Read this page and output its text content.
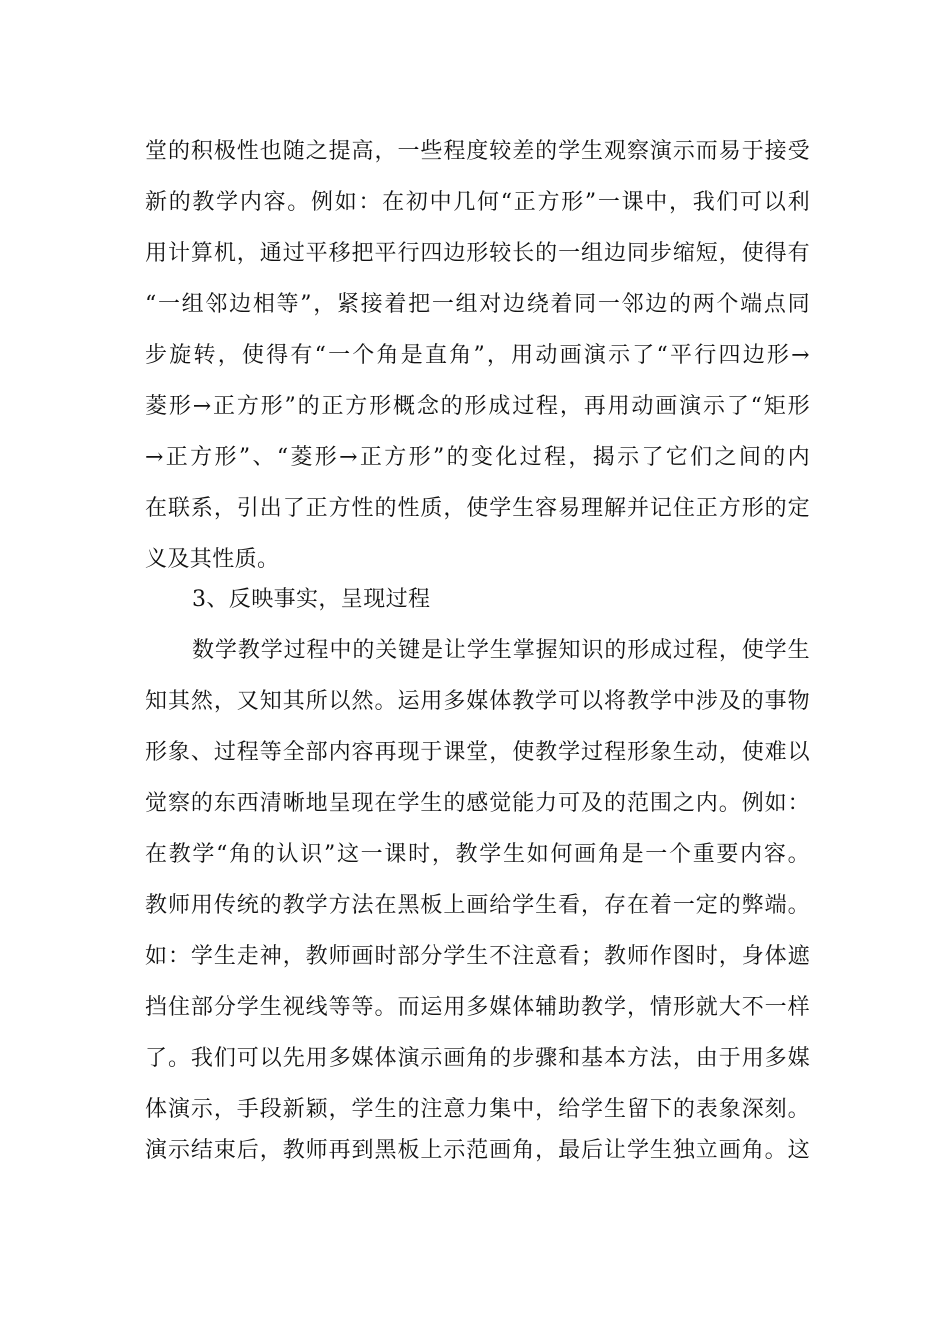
堂的积极性也随之提高，一些程度较差的学生观察演示而易于接受
新的教学内容。例如：在初中几何“正方形”一课中，我们可以利
用计算机，通过平移把平行四边形较长的一组边同步缩短，使得有
“一组邻边相等”，紧接着把一组对边绕着同一邻边的两个端点同
步旋转，使得有“一个角是直角”，用动画演示了“平行四边形→
菱形→正方形”的正方形概念的形成过程，再用动画演示了“矩形
→正方形”、“菱形→正方形”的变化过程，揭示了它们之间的内
在联系，引出了正方性的性质，使学生容易理解并记住正方形的定
义及其性质。
3、反映事实，呈现过程
数学教学过程中的关键是让学生掌握知识的形成过程，使学生
知其然，又知其所以然。运用多媒体教学可以将教学中涉及的事物
形象、过程等全部内容再现于课堂，使教学过程形象生动，使难以
觉察的东西清晰地呈现在学生的感觉能力可及的范围之内。例如：
在教学“角的认识”这一课时，教学生如何画角是一个重要内容。
教师用传统的教学方法在黑板上画给学生看，存在着一定的弊端。
如：学生走神，教师画时部分学生不注意看；教师作图时，身体遮
挡住部分学生视线等等。而运用多媒体辅助教学，情形就大不一样
了。我们可以先用多媒体演示画角的步骤和基本方法，由于用多媒
体演示，手段新颖，学生的注意力集中，给学生留下的表象深刻。
演示结束后，教师再到黑板上示范画角，最后让学生独立画角。这
